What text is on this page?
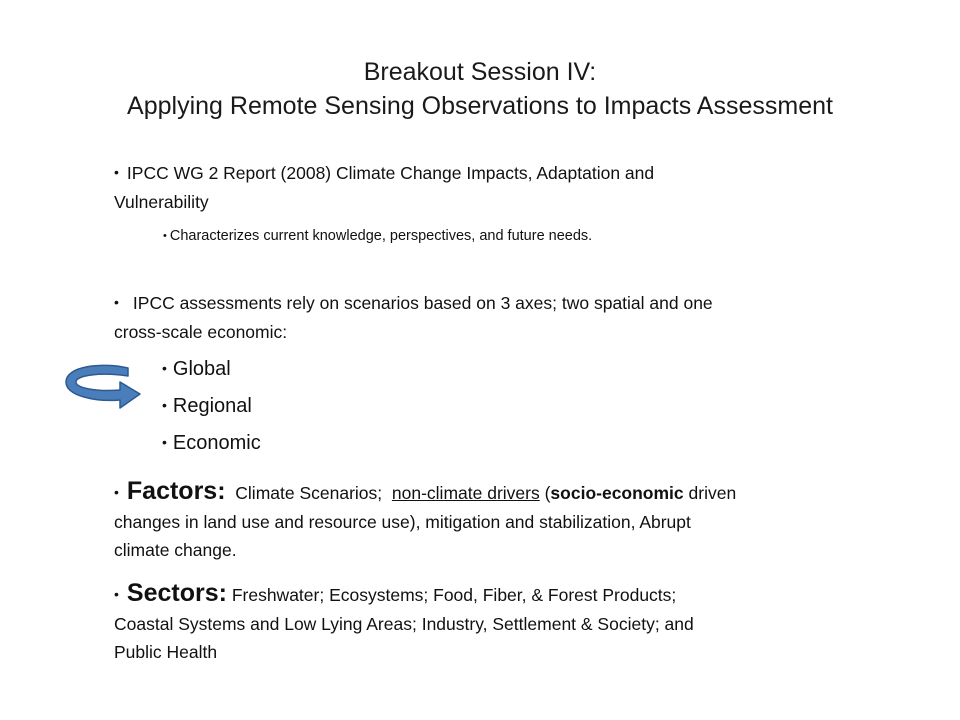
Breakout Session IV:
Applying Remote Sensing Observations to Impacts Assessment
• IPCC WG 2 Report (2008) Climate Change Impacts, Adaptation and
Vulnerability
• Characterizes current knowledge, perspectives, and future needs.
• IPCC assessments rely on scenarios based on 3 axes; two spatial and one
cross-scale economic:
• Global
• Regional
• Economic
• Factors: Climate Scenarios; non-climate drivers (socio-economic driven
changes in land use and resource use), mitigation and stabilization, Abrupt
climate change.
• Sectors: Freshwater; Ecosystems; Food, Fiber, & Forest Products;
Coastal Systems and Low Lying Areas; Industry, Settlement & Society; and
Public Health
